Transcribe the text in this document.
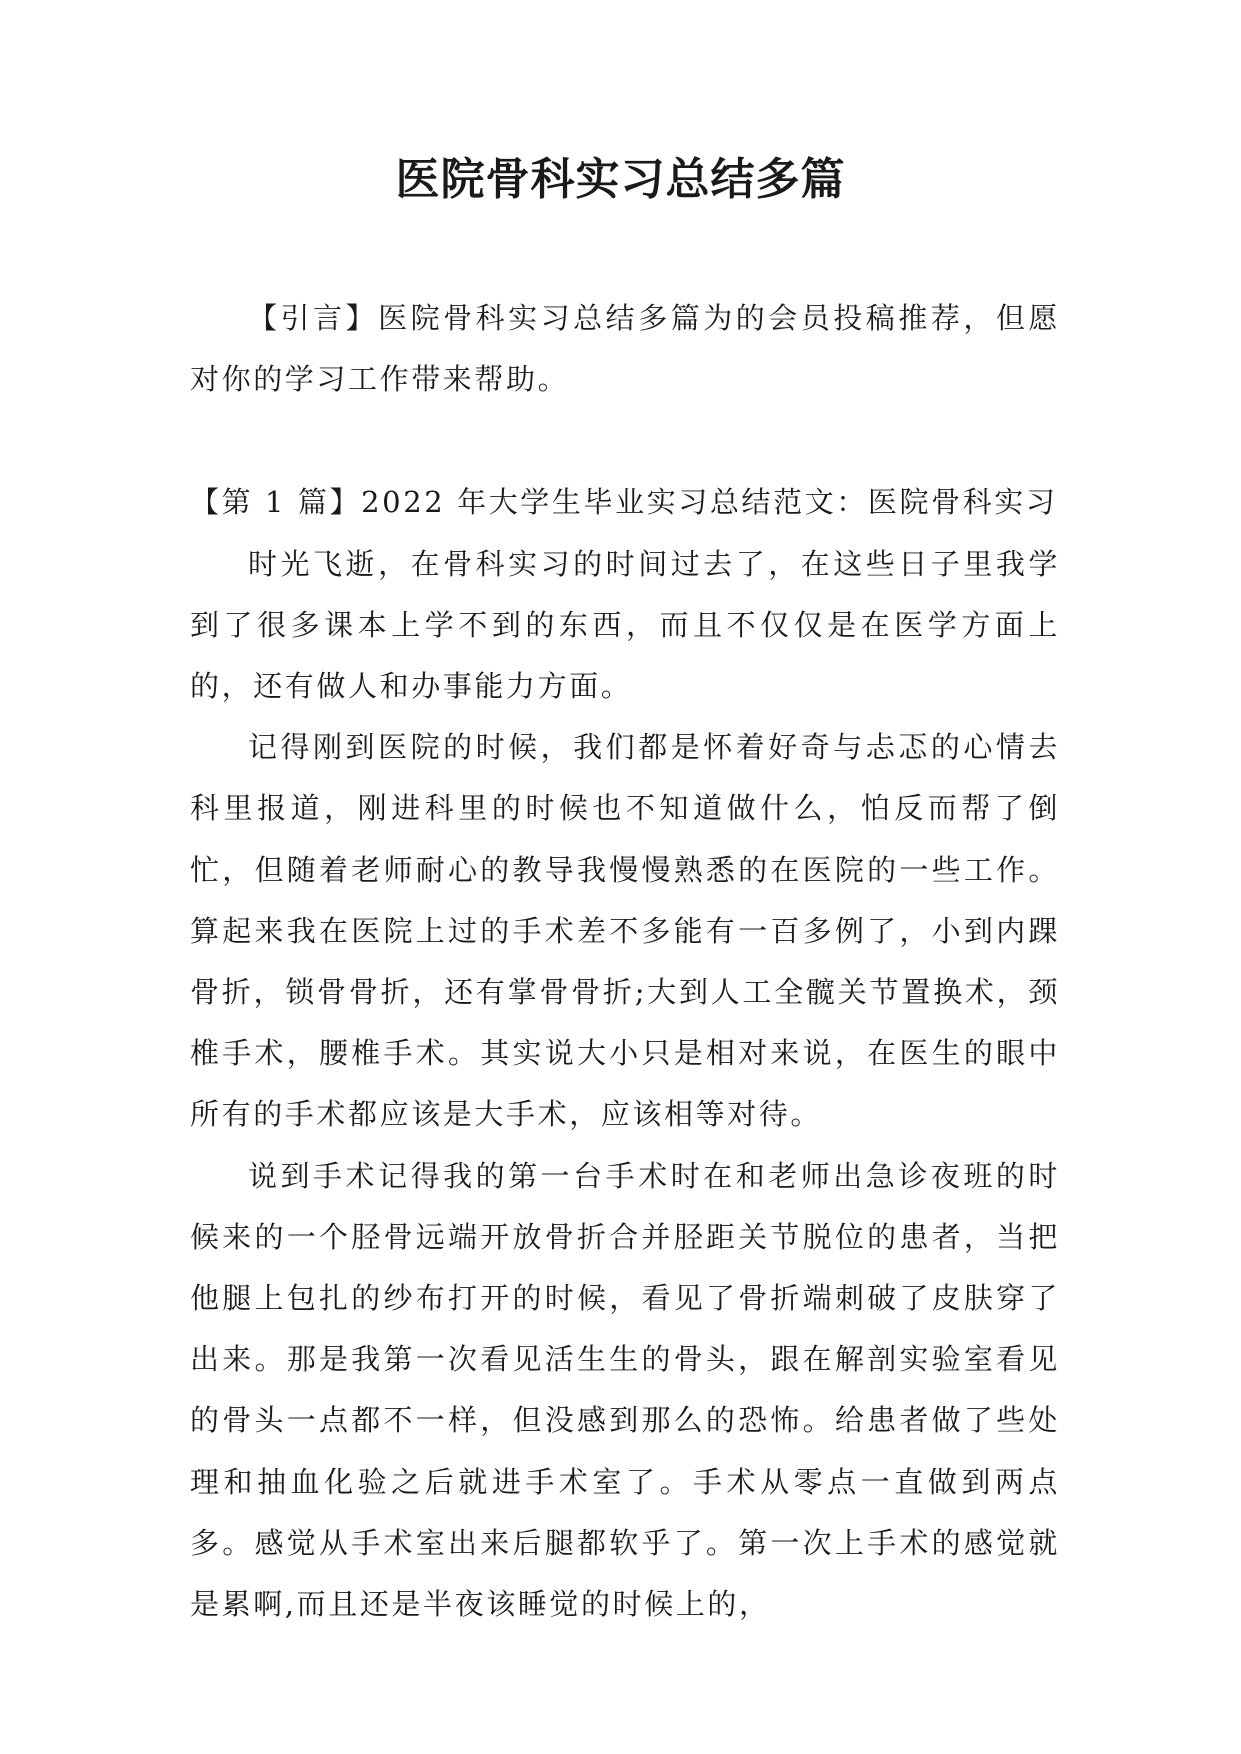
医院骨科实习总结多篇

【引言】医院骨科实习总结多篇为的会员投稿推荐，但愿对你的学习工作带来帮助。

【第 1 篇】2022 年大学生毕业实习总结范文：医院骨科实习

时光飞逝，在骨科实习的时间过去了，在这些日子里我学到了很多课本上学不到的东西，而且不仅仅是在医学方面上的，还有做人和办事能力方面。

记得刚到医院的时候，我们都是怀着好奇与忐忑的心情去科里报道，刚进科里的时候也不知道做什么，怕反而帮了倒忙，但随着老师耐心的教导我慢慢熟悉的在医院的一些工作。算起来我在医院上过的手术差不多能有一百多例了，小到内踝骨折，锁骨骨折，还有掌骨骨折;大到人工全髋关节置换术，颈椎手术，腰椎手术。其实说大小只是相对来说，在医生的眼中所有的手术都应该是大手术，应该相等对待。

说到手术记得我的第一台手术时在和老师出急诊夜班的时候来的一个胫骨远端开放骨折合并胫距关节脱位的患者，当把他腿上包扎的纱布打开的时候，看见了骨折端刺破了皮肤穿了出来。那是我第一次看见活生生的骨头，跟在解剖实验室看见的骨头一点都不一样，但没感到那么的恐怖。给患者做了些处理和抽血化验之后就进手术室了。手术从零点一直做到两点多。感觉从手术室出来后腿都软乎了。第一次上手术的感觉就是累啊,而且还是半夜该睡觉的时候上的，
